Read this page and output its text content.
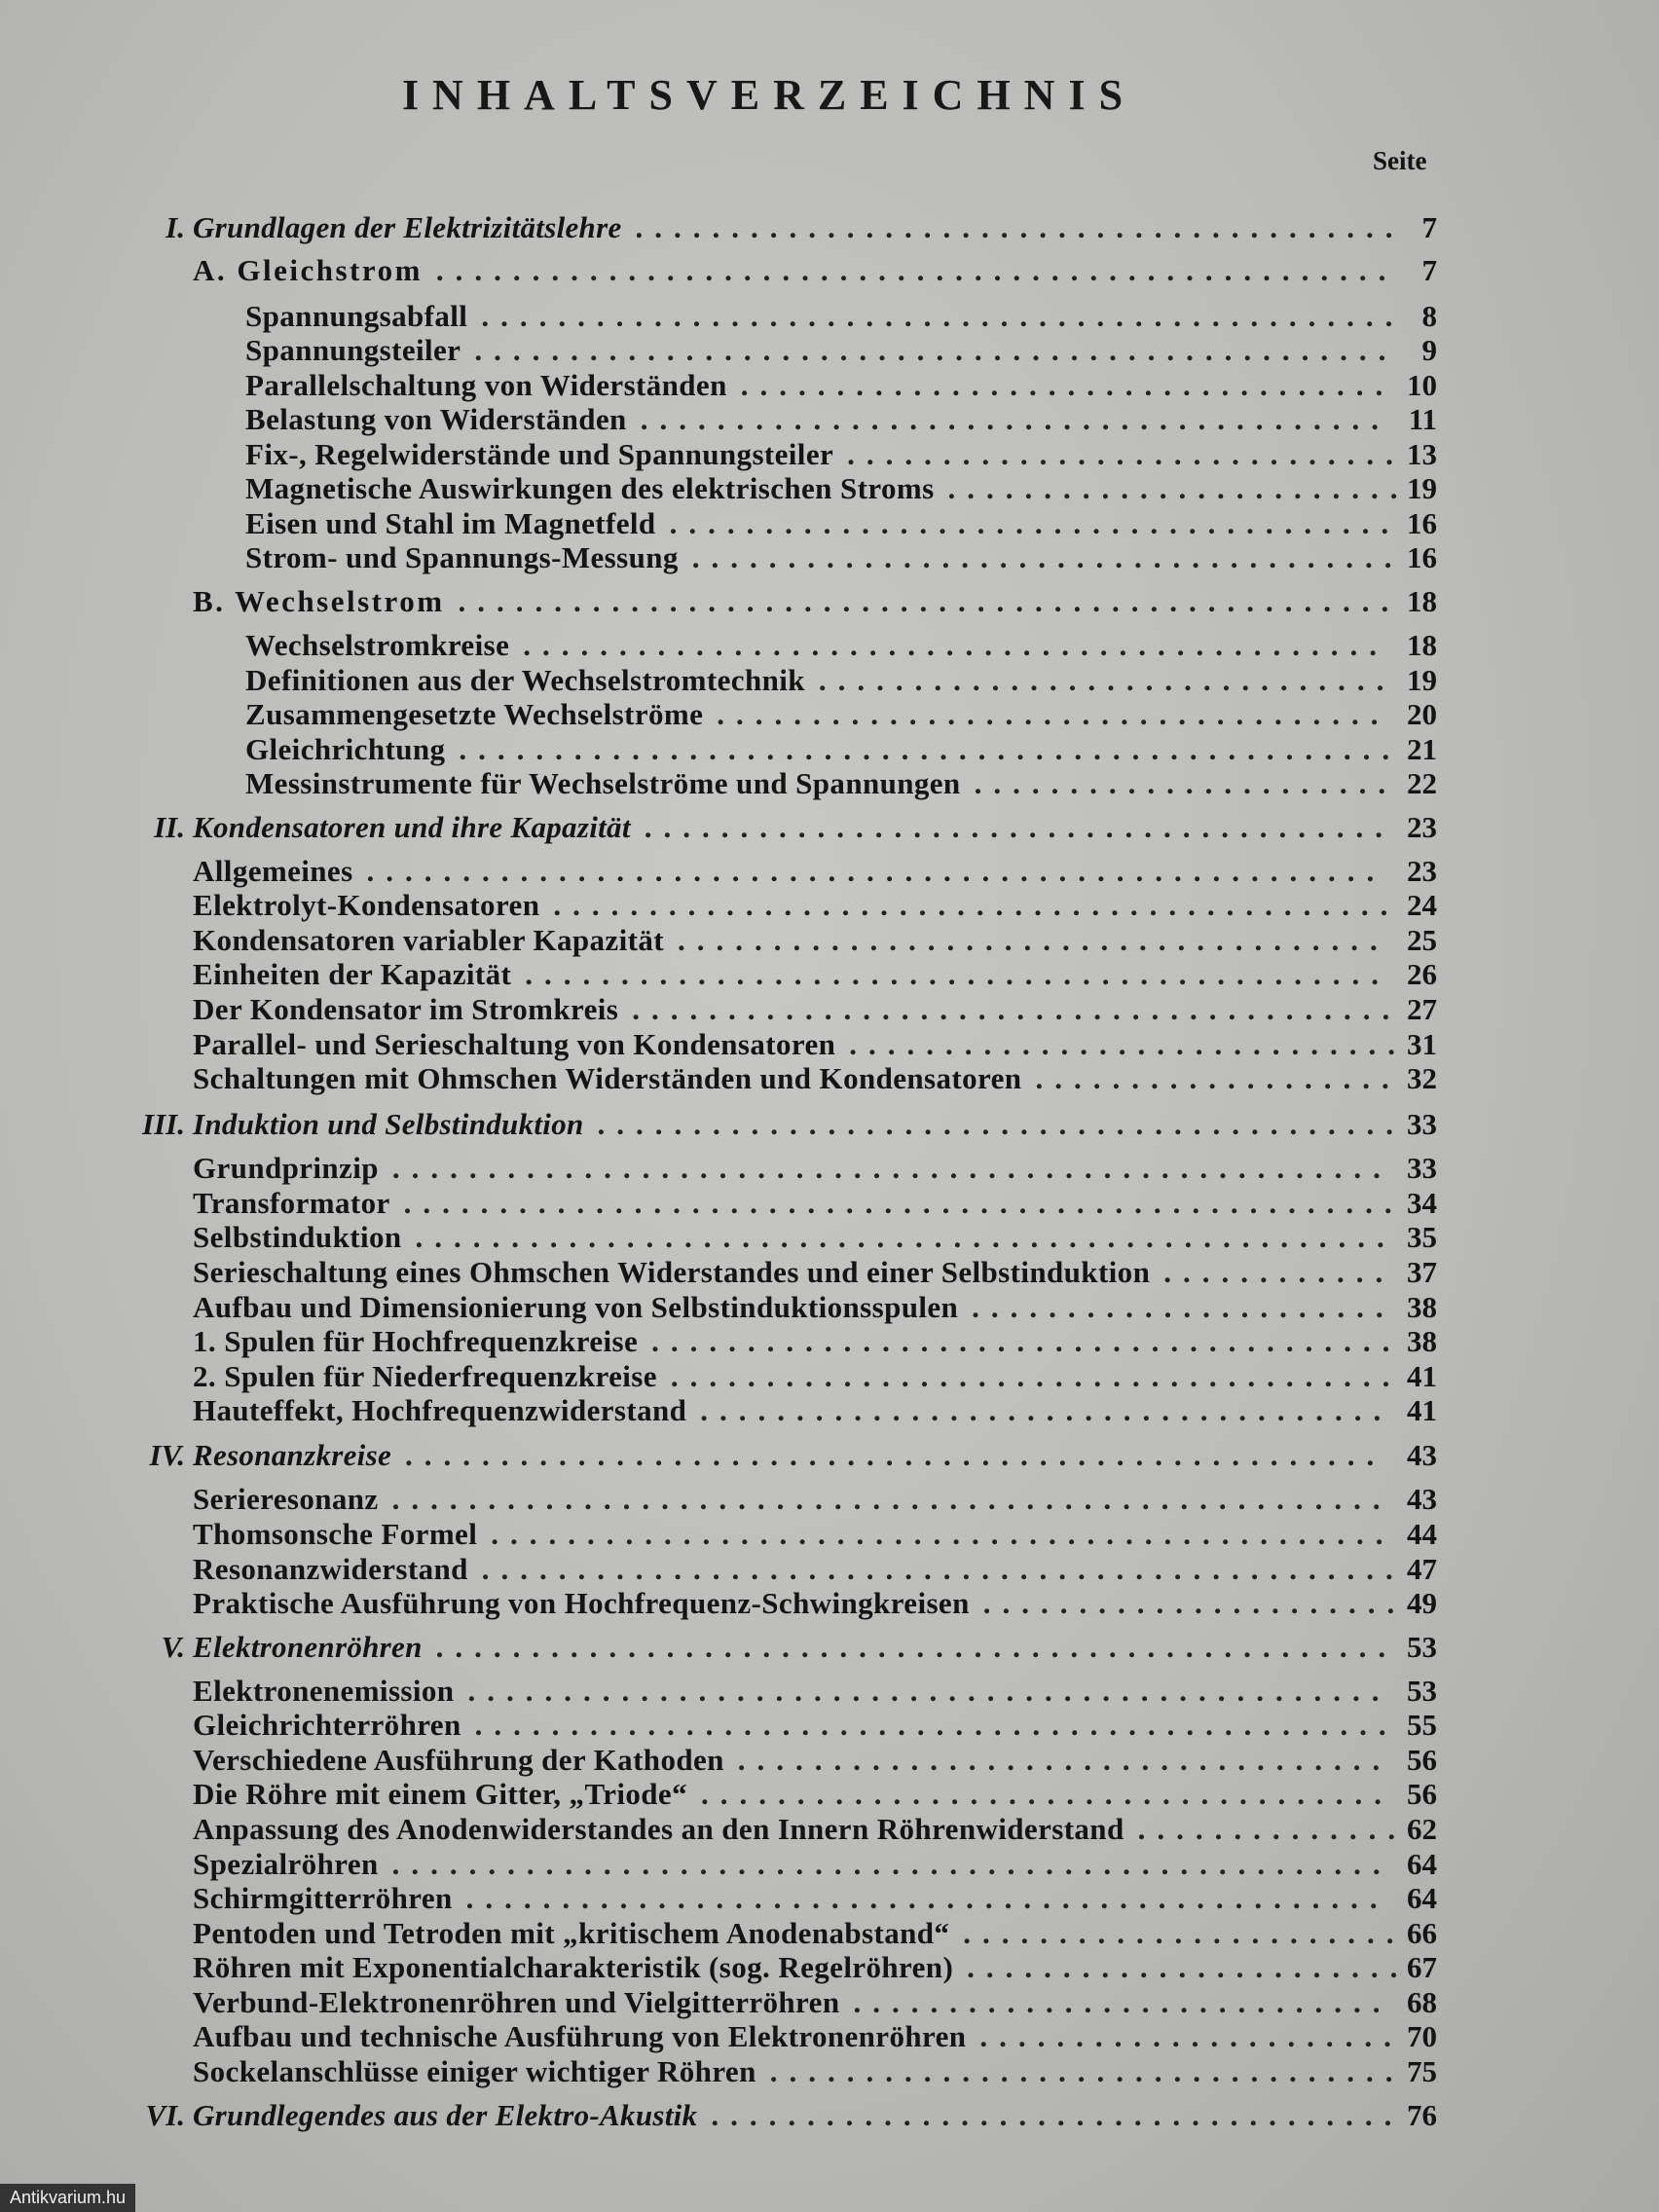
INHALTSVERZEICHNIS
Seite
I. Grundlagen der Elektrizitätslehre ........................................ 7
A. Gleichstrom .................................................. 7
Spannungsabfall ................................................ 8
Spannungsteiler ................................................ 9
Parallelschaltung von Widerständen .................................. 10
Belastung von Widerständen ....................................... 11
Fix-, Regelwiderstände und Spannungsteiler ............................. 13
Magnetische Auswirkungen des elektrischen Stroms ........................
19
Eisen und Stahl im Magnetfeld ...................................... 16
Strom- und Spannungs-Messung ..................................... 16
B. Wechselstrom ................................................. 18
Wechselstromkreise ............................................. 18
Definitionen aus der Wechselstromtechnik .............................. 19
Zusammengesetzte Wechselströme ................................... 20
Gleichrichtung ................................................. 21
Messinstrumente für Wechselströme und Spannungen ...................... 22
II. Kondensatoren und ihre Kapazität ....................................... 23
Allgemeines ..................................................... 23
Elektrolyt-Kondensatoren ............................................ 24
Kondensatoren variabler Kapazität ..................................... 25
Einheiten der Kapazität ............................................. 26
Der Kondensator im Stromkreis ........................................ 27
Parallel- und Serieschaltung von Kondensatoren ............................. 31
Schaltungen mit Ohmschen Widerständen und Kondensatoren ................... 32
III. Induktion und Selbstinduktion .......................................... 33
Grundprinzip .................................................... 33
Transformator .................................................... 34
Selbstinduktion ................................................... 35
Serieschaltung eines Ohmschen Widerstandes und einer Selbstinduktion ............ 37
Aufbau und Dimensionierung von Selbstinduktionsspulen ...................... 38
1. Spulen für Hochfrequenzkreise ....................................... 38
2. Spulen für Niederfrequenzkreise ...................................... 41
Hauteffekt, Hochfrequenzwiderstand .................................... 41
IV. Resonanzkreise ................................................... 43
Serieresonanz .................................................... 43
Thomsonsche Formel ............................................... 44
Resonanzwiderstand ................................................ 47
Praktische Ausführung von Hochfrequenz-Schwingkreisen ...................... 49
V. Elektronenröhren .................................................. 53
Elektronenemission ................................................ 53
Gleichrichterröhren ................................................ 55
Verschiedene Ausführung der Kathoden .................................. 56
Die Röhre mit einem Gitter, „Triode“ .................................... 56
Anpassung des Anodenwiderstandes an den Innern Röhrenwiderstand .............. 62
Spezialröhren .................................................... 64
Schirmgitterröhren ................................................ 64
Pentoden und Tetroden mit „kritischem Anodenabstand“ ....................... 66
Röhren mit Exponentialcharakteristik (sog. Regelröhren) .......................
67
Verbund-Elektronenröhren und Vielgitterröhren ............................ 68
Aufbau und technische Ausführung von Elektronenröhren ...................... 70
Sockelanschlüsse einiger wichtiger Röhren ................................. 75
VI. Grundlegendes aus der Elektro-Akustik .................................... 76
Antikvarium.hu
